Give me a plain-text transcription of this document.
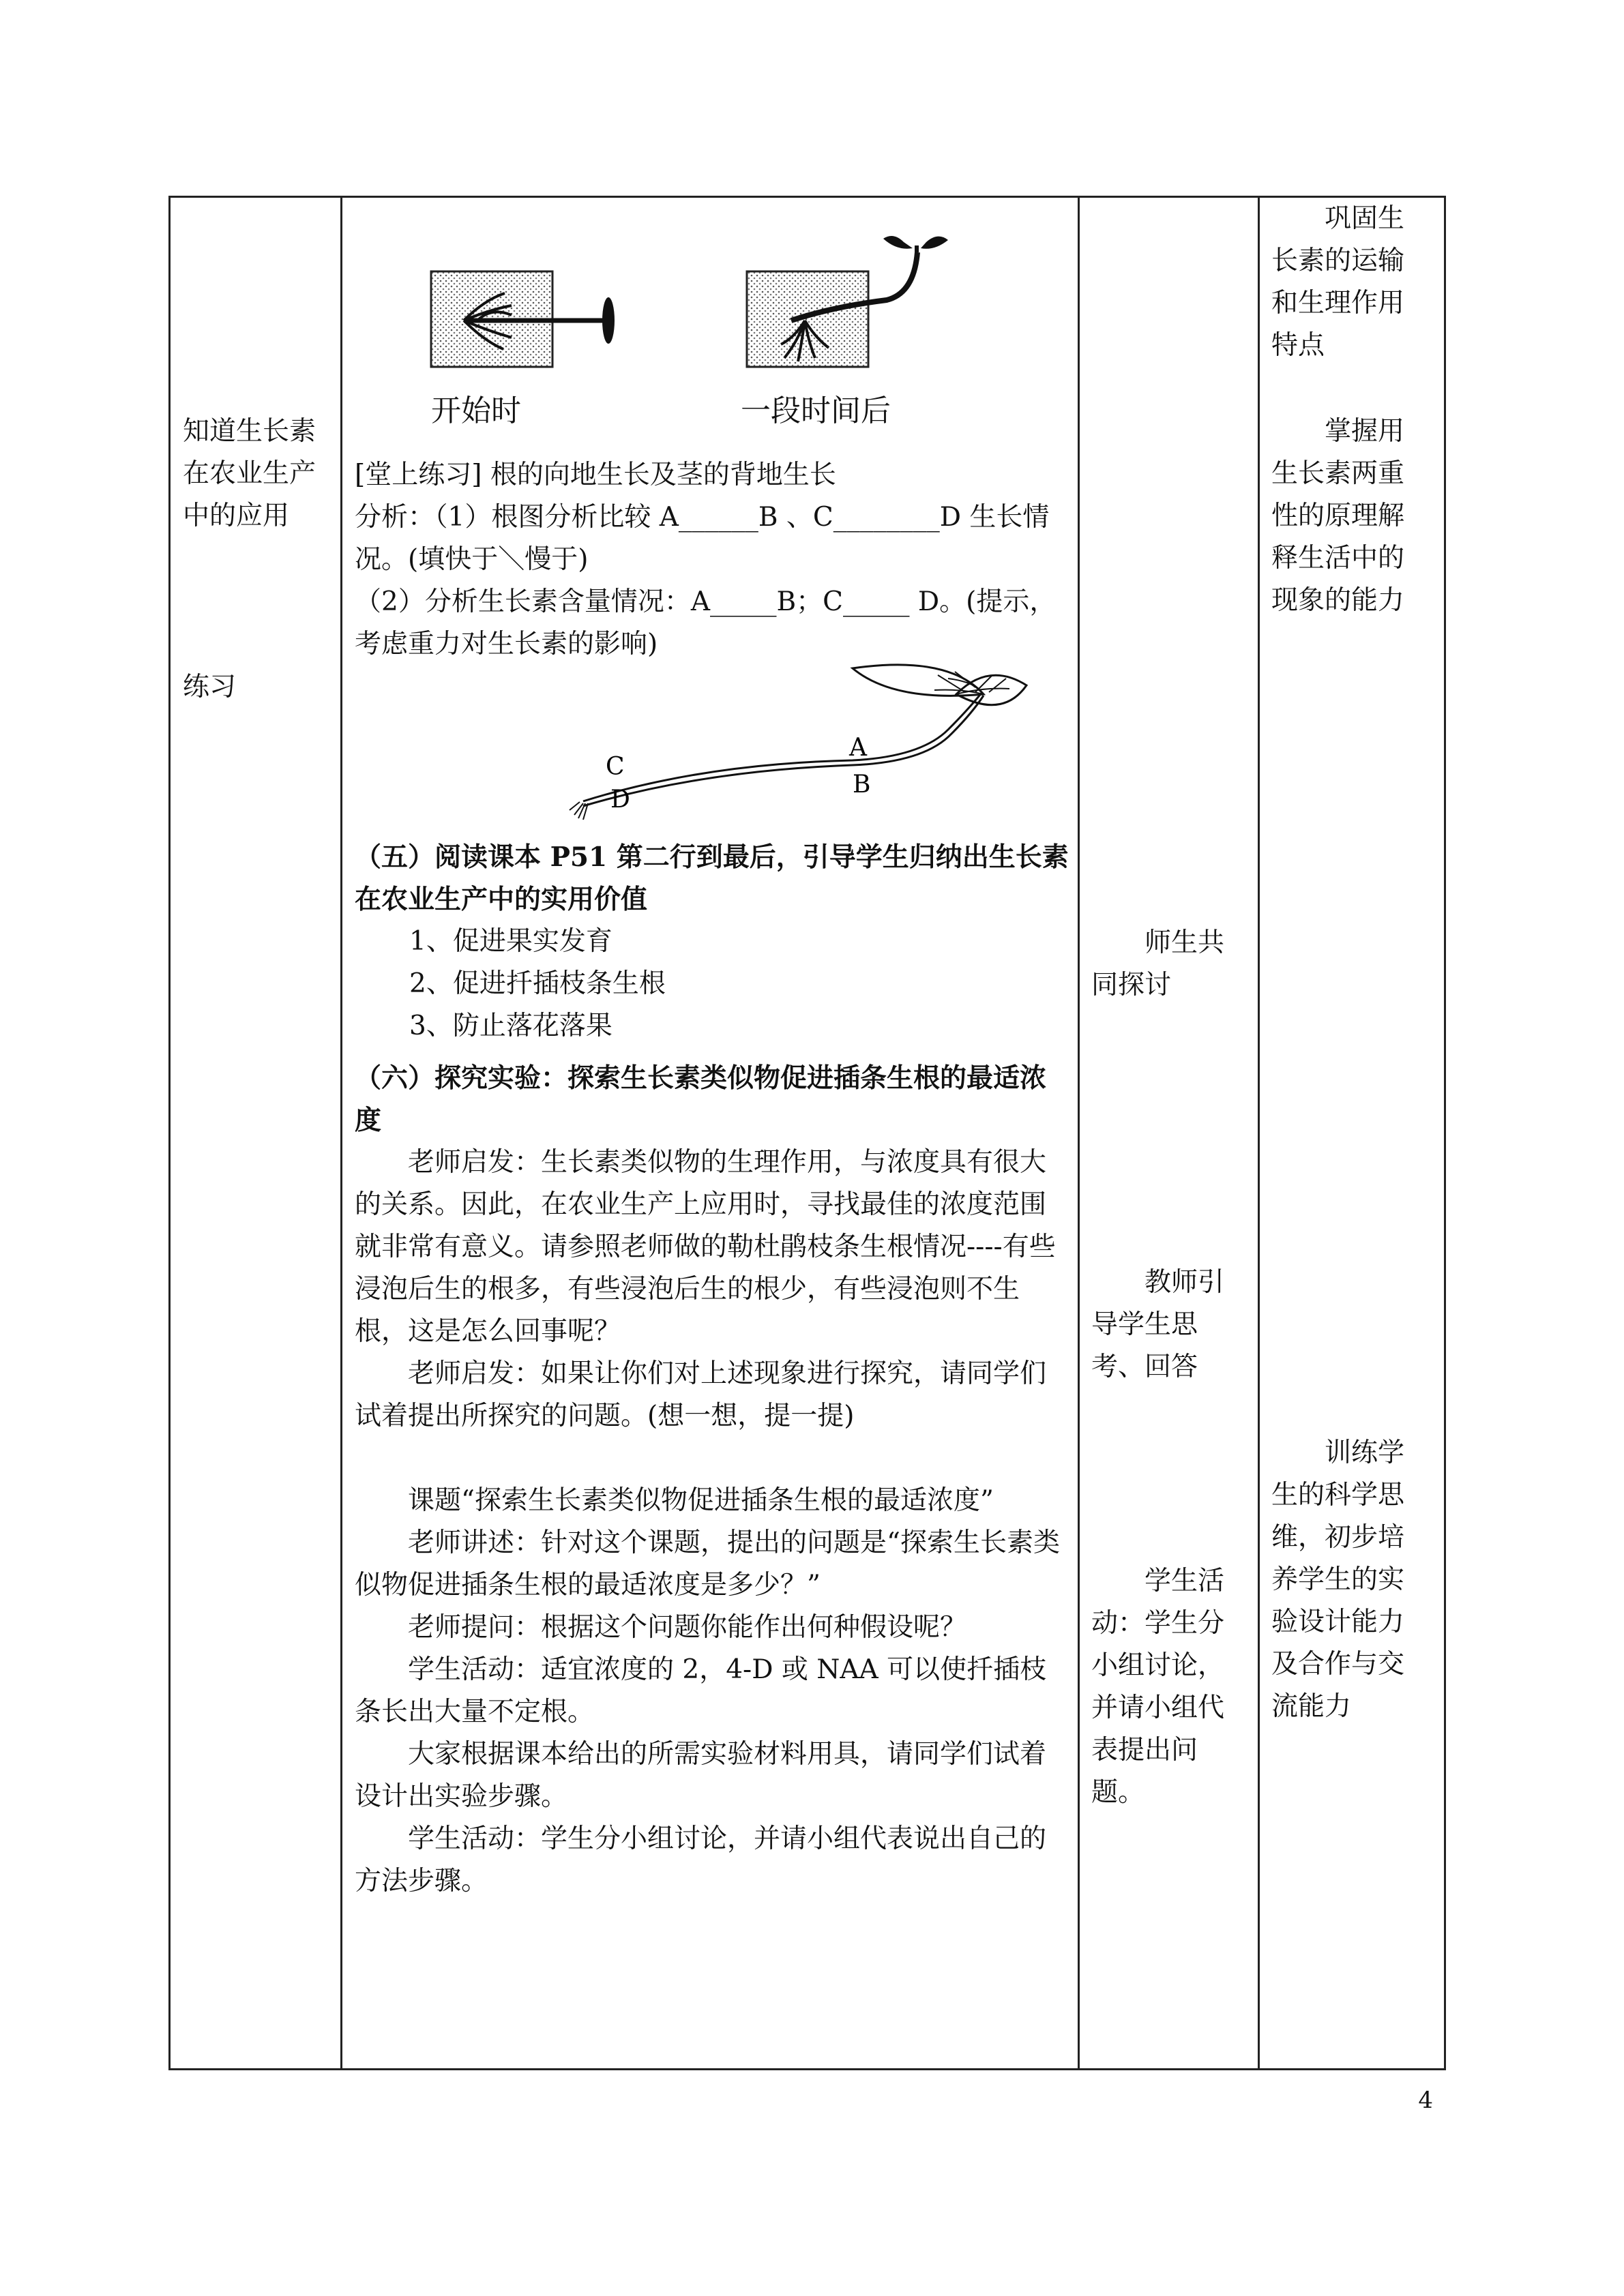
知道生长素在农业生产中的应用

练习

开始时	一段时间后

[堂上练习] 根的向地生长及茎的背地生长

分析：（1）根图分析比较 A______B 、C________D 生长情况。(填快于＼慢于)

（2）分析生长素含量情况：A_____B；C_____ D。(提示，考虑重力对生长素的影响)

A
B
C
D

（五）阅读课本 P51 第二行到最后，引导学生归纳出生长素在农业生产中的实用价值

1、促进果实发育

2、促进扦插枝条生根

3、防止落花落果

（六）探究实验：探索生长素类似物促进插条生根的最适浓度

老师启发：生长素类似物的生理作用，与浓度具有很大的关系。因此，在农业生产上应用时，寻找最佳的浓度范围就非常有意义。请参照老师做的勒杜鹃枝条生根情况----有些浸泡后生的根多，有些浸泡后生的根少，有些浸泡则不生根，这是怎么回事呢？

老师启发：如果让你们对上述现象进行探究，请同学们试着提出所探究的问题。(想一想，提一提)

课题“探索生长素类似物促进插条生根的最适浓度”

老师讲述：针对这个课题，提出的问题是“探索生长素类似物促进插条生根的最适浓度是多少？”

老师提问：根据这个问题你能作出何种假设呢？

学生活动：适宜浓度的 2，4-D 或 NAA 可以使扦插枝条长出大量不定根。

大家根据课本给出的所需实验材料用具，请同学们试着设计出实验步骤。

学生活动：学生分小组讨论，并请小组代表说出自己的方法步骤。

师生共同探讨

教师引导学生思考、回答

学生活动：学生分小组讨论，并请小组代表提出问题。

巩固生长素的运输和生理作用特点

掌握用生长素两重性的原理解释生活中的现象的能力

训练学生的科学思维，初步培养学生的实验设计能力及合作与交流能力

4
